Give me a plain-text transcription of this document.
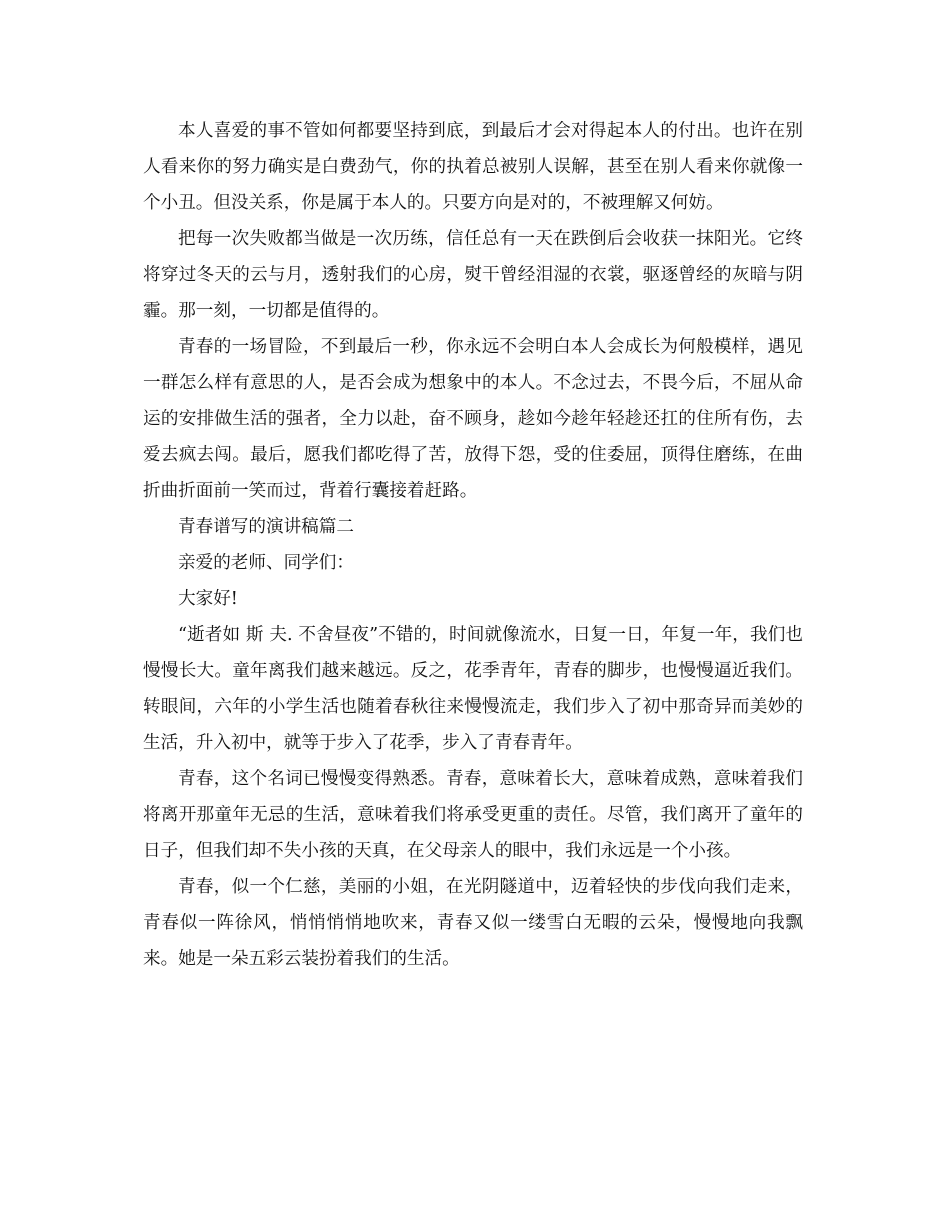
本人喜爱的事不管如何都要坚持到底，到最后才会对得起本人的付出。也许在别人看来你的努力确实是白费劲气，你的执着总被别人误解，甚至在别人看来你就像一个小丑。但没关系，你是属于本人的。只要方向是对的，不被理解又何妨。

把每一次失败都当做是一次历练，信任总有一天在跌倒后会收获一抹阳光。它终将穿过冬天的云与月，透射我们的心房，熨干曾经泪湿的衣裳，驱逐曾经的灰暗与阴霾。那一刻，一切都是值得的。

青春的一场冒险，不到最后一秒，你永远不会明白本人会成长为何般模样，遇见一群怎么样有意思的人，是否会成为想象中的本人。不念过去，不畏今后，不屈从命运的安排做生活的强者，全力以赴，奋不顾身，趁如今趁年轻趁还扛的住所有伤，去爱去疯去闯。最后，愿我们都吃得了苦，放得下怨，受的住委屈，顶得住磨练，在曲折曲折面前一笑而过，背着行囊接着赶路。

青春谱写的演讲稿篇二

亲爱的老师、同学们：

大家好!

“逝者如 斯 夫. 不舍昼夜”不错的，时间就像流水，日复一日，年复一年，我们也慢慢长大。童年离我们越来越远。反之，花季青年，青春的脚步，也慢慢逼近我们。转眼间，六年的小学生活也随着春秋往来慢慢流走，我们步入了初中那奇异而美妙的生活，升入初中，就等于步入了花季，步入了青春青年。

青春，这个名词已慢慢变得熟悉。青春，意味着长大，意味着成熟，意味着我们将离开那童年无忌的生活，意味着我们将承受更重的责任。尽管，我们离开了童年的日子，但我们却不失小孩的天真，在父母亲人的眼中，我们永远是一个小孩。

青春，似一个仁慈，美丽的小姐，在光阴隧道中，迈着轻快的步伐向我们走来，青春似一阵徐风，悄悄悄悄地吹来，青春又似一缕雪白无暇的云朵，慢慢地向我飘来。她是一朵五彩云装扮着我们的生活。
